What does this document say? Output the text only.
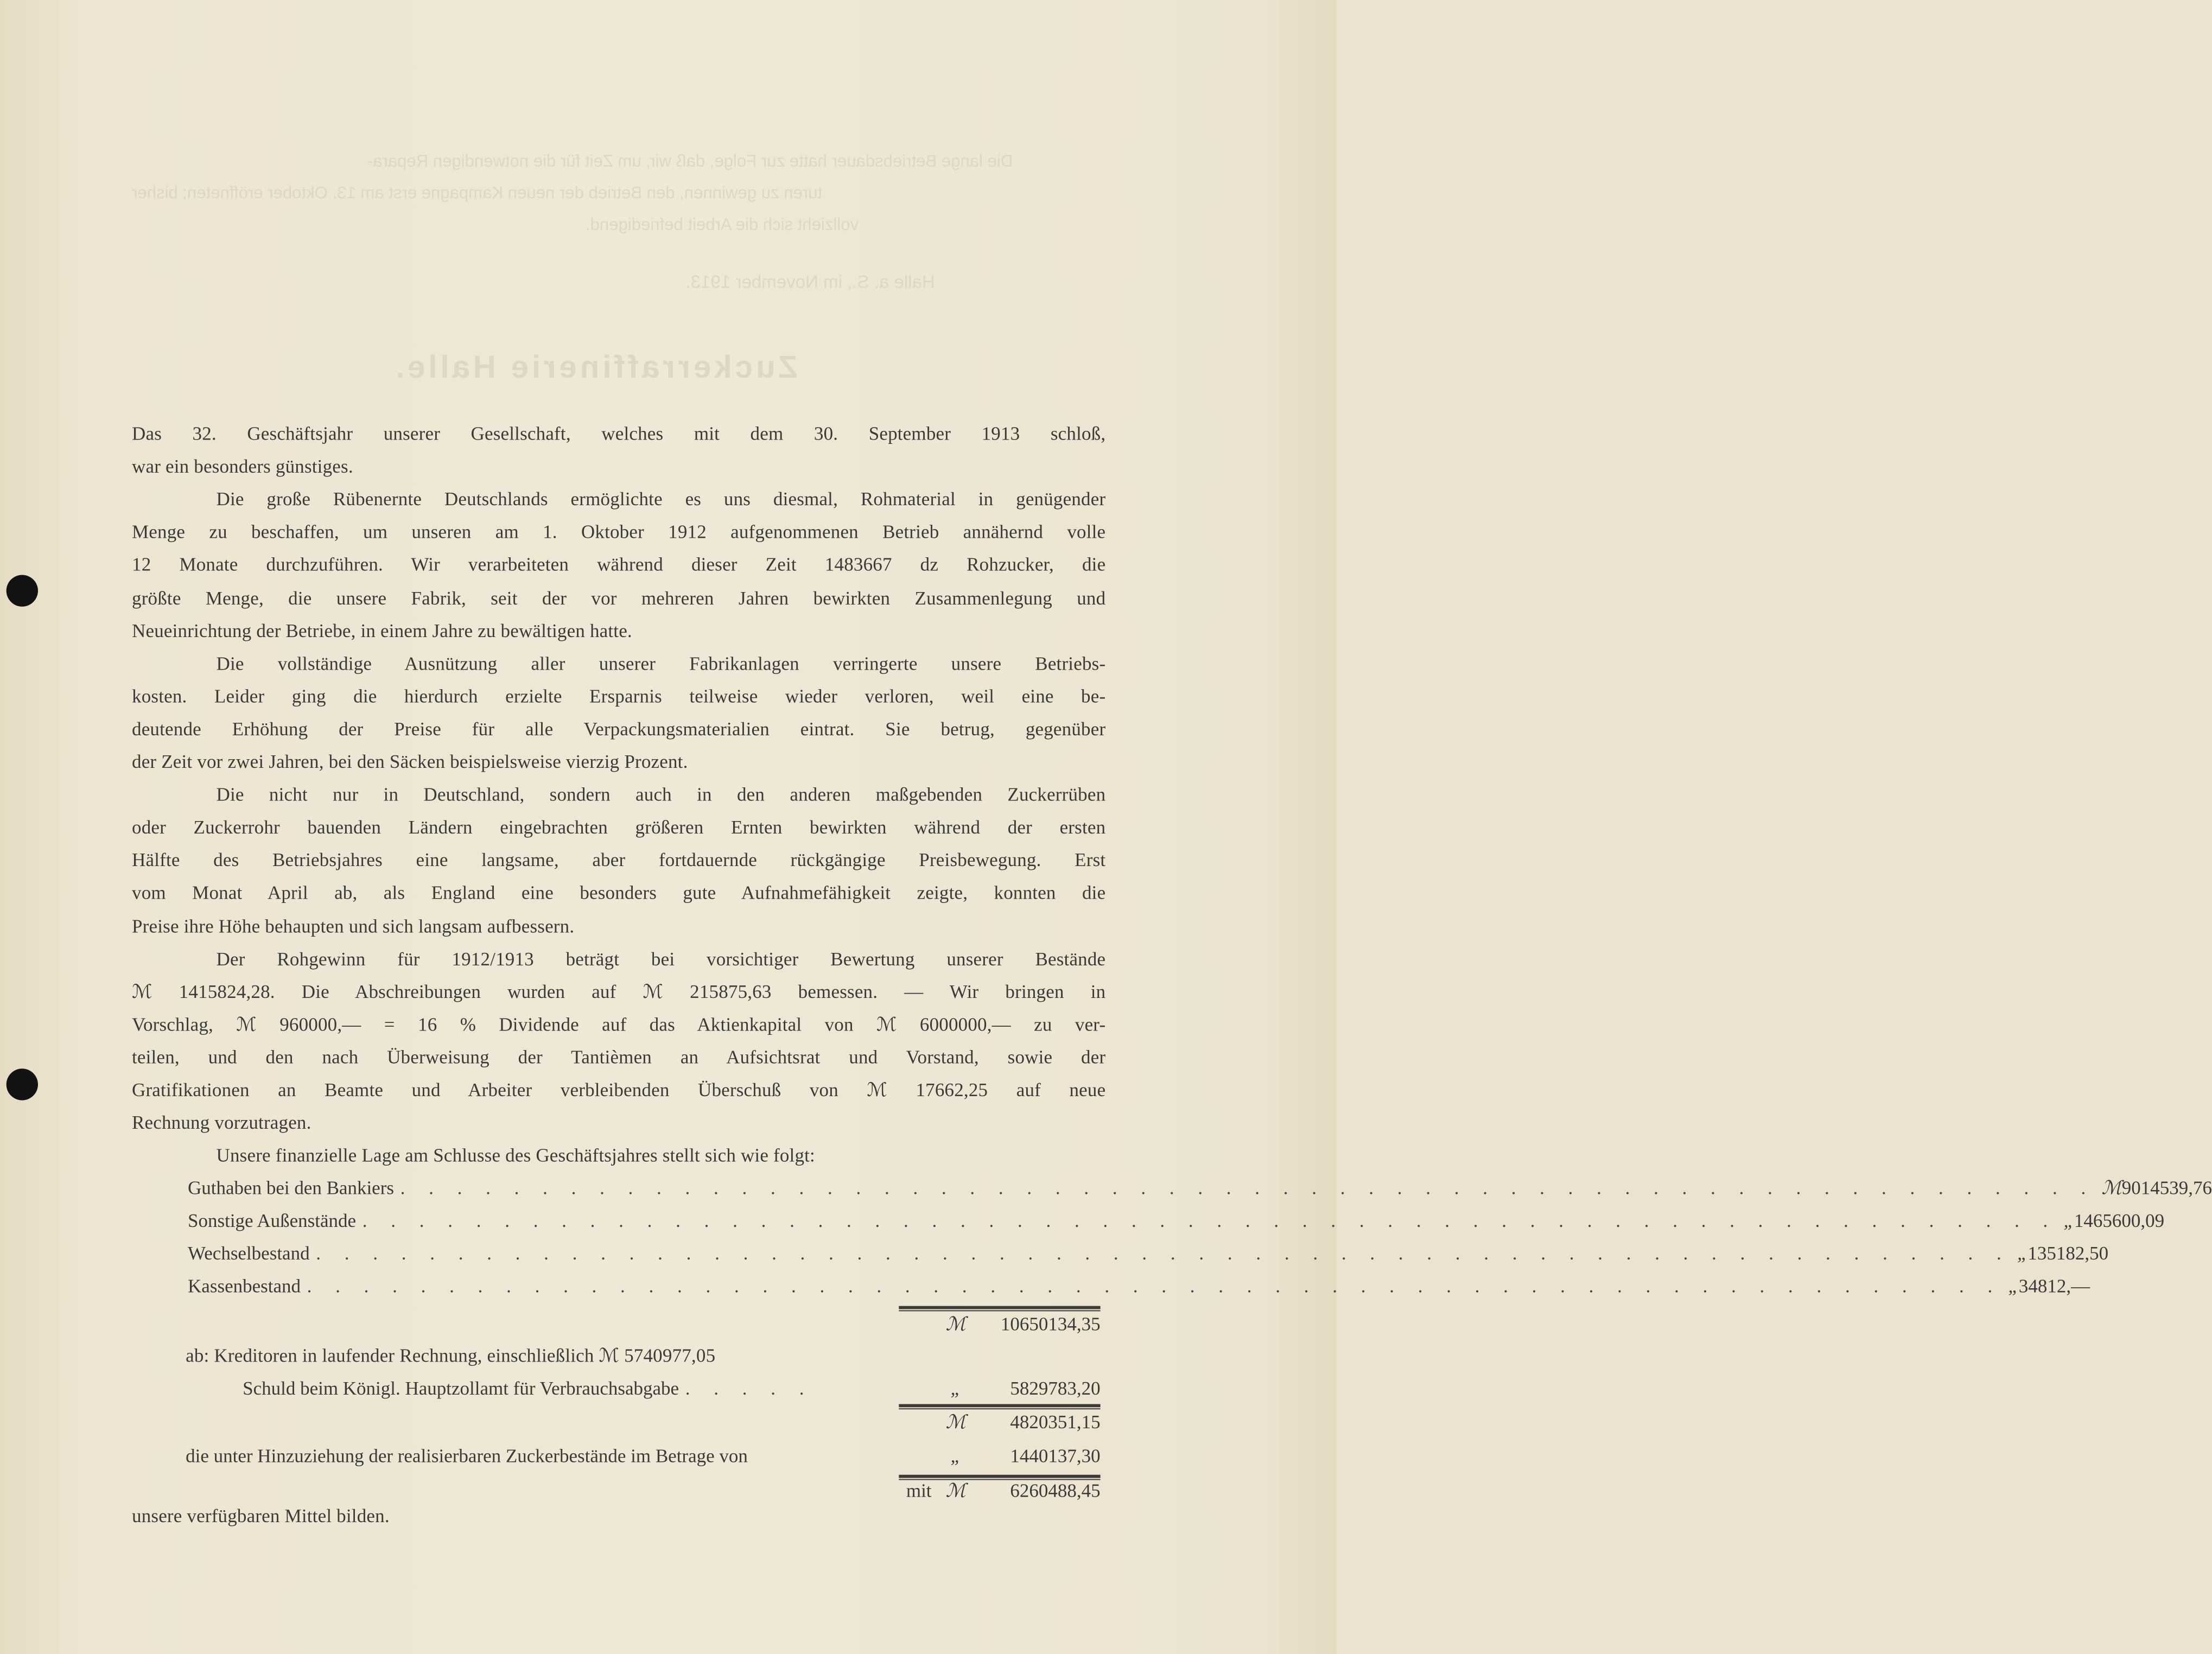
Die lange Betriebsdauer hatte zur Folge, daß wir, um Zeit für die notwendigen Repara-
turen zu gewinnen, den Betrieb der neuen Kampagne erst am 13. Oktober eröffneten; bisher
vollzieht sich die Arbeit befriedigend.
Halle a. S., im November 1913.
Zuckerraffinerie Halle.
Das 32. Geschäftsjahr unserer Gesellschaft, welches mit dem 30. September 1913 schloß,
war ein besonders günstiges.
Die große Rübenernte Deutschlands ermöglichte es uns diesmal, Rohmaterial in genügender
Menge zu beschaffen, um unseren am 1. Oktober 1912 aufgenommenen Betrieb annähernd volle
12 Monate durchzuführen. Wir verarbeiteten während dieser Zeit 1483667 dz Rohzucker, die
größte Menge, die unsere Fabrik, seit der vor mehreren Jahren bewirkten Zusammenlegung und
Neueinrichtung der Betriebe, in einem Jahre zu bewältigen hatte.
Die vollständige Ausnützung aller unserer Fabrikanlagen verringerte unsere Betriebs-
kosten. Leider ging die hierdurch erzielte Ersparnis teilweise wieder verloren, weil eine be-
deutende Erhöhung der Preise für alle Verpackungsmaterialien eintrat. Sie betrug, gegenüber
der Zeit vor zwei Jahren, bei den Säcken beispielsweise vierzig Prozent.
Die nicht nur in Deutschland, sondern auch in den anderen maßgebenden Zuckerrüben
oder Zuckerrohr bauenden Ländern eingebrachten größeren Ernten bewirkten während der ersten
Hälfte des Betriebsjahres eine langsame, aber fortdauernde rückgängige Preisbewegung. Erst
vom Monat April ab, als England eine besonders gute Aufnahmefähigkeit zeigte, konnten die
Preise ihre Höhe behaupten und sich langsam aufbessern.
Der Rohgewinn für 1912/1913 beträgt bei vorsichtiger Bewertung unserer Bestände
ℳ 1415824,28. Die Abschreibungen wurden auf ℳ 215875,63 bemessen. — Wir bringen in
Vorschlag, ℳ 960000,— = 16 % Dividende auf das Aktienkapital von ℳ 6000000,— zu ver-
teilen, und den nach Überweisung der Tantièmen an Aufsichtsrat und Vorstand, sowie der
Gratifikationen an Beamte und Arbeiter verbleibenden Überschuß von ℳ 17662,25 auf neue
Rechnung vorzutragen.
Unsere finanzielle Lage am Schlusse des Geschäftsjahres stellt sich wie folgt:
ℳ	10650134,35
ab: Kreditoren in laufender Rechnung, einschließlich ℳ 5740977,05
Schuld beim Königl. Hauptzollamt für Verbrauchsabgabe . . . . .	„	5829783,20
ℳ	4820351,15
die unter Hinzuziehung der realisierbaren Zuckerbestände im Betrage von	„	1440137,30
mit	ℳ	6260488,45
unsere verfügbaren Mittel bilden.
Guthaben bei den Bankiers . . . . . . . . . . . . . . . . . . . . . . . . . . . . . . . . . . . . . . . . . . . . . . . . . . . . . . . . . . . . ℳ 9014539,76
Sonstige Außenstände . . . . . . . . . . . . . . . . . . . . . . . . . . . . . . . . . . . . . . . . . . . . . . . . . . . . . . . . . . . . „ 1465600,09
Wechselbestand . . . . . . . . . . . . . . . . . . . . . . . . . . . . . . . . . . . . . . . . . . . . . . . . . . . . . . . . . . . . „ 135182,50
Kassenbestand . . . . . . . . . . . . . . . . . . . . . . . . . . . . . . . . . . . . . . . . . . . . . . . . . . . . . . . . . . . . „ 34812,—
